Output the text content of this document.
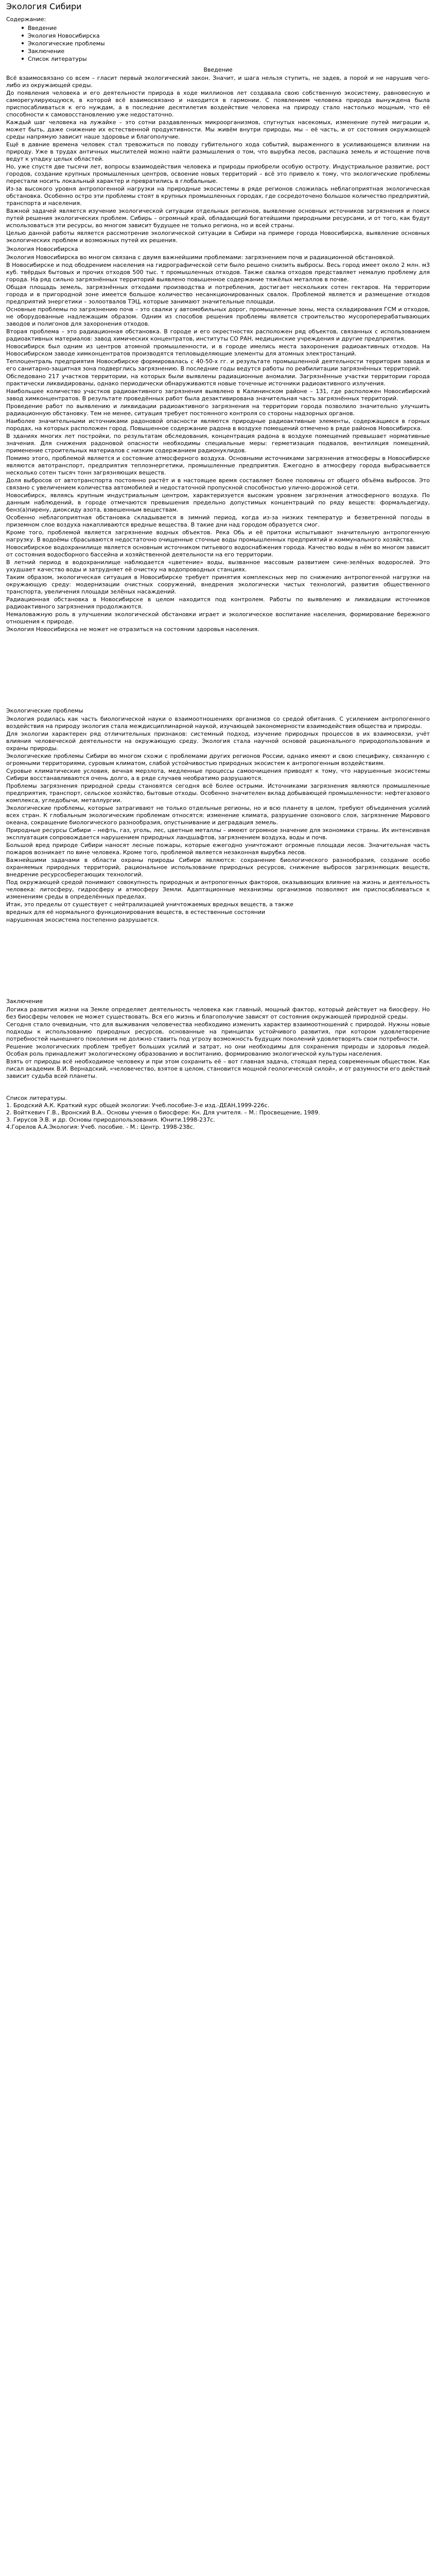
Экология Сибири
Содержание:
Введение
Экология Новосибирска
Экологические проблемы
Заключение
Список литературы
Введение

Всё взаимосвязано со всем – гласит первый экологический закон. Значит, и шага нельзя ступить, не задев, а порой и не нарушив чего-либо из окружающей среды.

До появления человека и его деятельности природа в ходе миллионов лет создавала свою собственную экосистему, равновесную и саморегулирующуюся, в которой всё взаимосвязано и находится в гармонии. С появлением человека природа вынуждена была приспосабливаться к его нуждам, а в последние десятилетия воздействие человека на природу стало настолько мощным, что её способности к самовосстановлению уже недостаточно.

Каждый шаг человека на лужайке – это сотни раздавленных микроорганизмов, спугнутых насекомых, изменение путей миграции и, может быть, даже снижение их естественной продуктивности. Мы живём внутри природы, мы – её часть, и от состояния окружающей среды напрямую зависит наше здоровье и благополучие.

Ещё в давние времена человек стал тревожиться по поводу губительного хода событий, выраженного в усиливающемся влиянии на природу. Уже в трудах античных мыслителей можно найти размышления о том, что вырубка лесов, распашка земель и истощение почв ведут к упадку целых областей.

Но, уже спустя две тысячи лет, вопросы взаимодействия человека и природы приобрели особую остроту. Индустриальное развитие, рост городов, создание крупных промышленных центров, освоение новых территорий – всё это привело к тому, что экологические проблемы перестали носить локальный характер и превратились в глобальные.

Из-за высокого уровня антропогенной нагрузки на природные экосистемы в ряде регионов сложилась неблагоприятная экологическая обстановка. Особенно остро эти проблемы стоят в крупных промышленных городах, где сосредоточено большое количество предприятий, транспорта и населения.

Важной задачей является изучение экологической ситуации отдельных регионов, выявление основных источников загрязнения и поиск путей решения экологических проблем. Сибирь – огромный край, обладающий богатейшими природными ресурсами, и от того, как будут использоваться эти ресурсы, во многом зависит будущее не только региона, но и всей страны.

Целью данной работы является рассмотрение экологической ситуации в Сибири на примере города Новосибирска, выявление основных экологических проблем и возможных путей их решения.

Экология Новосибирска

Экология Новосибирска во многом связана с двумя важнейшими проблемами: загрязнением почв и радиационной обстановкой.

В Новосибирске и под ободрением населения на гидрографической сети было решено снизить выбросы. Весь город имеет около 2 млн. м3 куб. твёрдых бытовых и прочих отходов 500 тыс. т промышленных отходов. Также свалка отходов представляет немалую проблему для города. На ряд сильно загрязнённых территорий выявлено повышенное содержание тяжёлых металлов в почве.

Общая площадь земель, загрязнённых отходами производства и потребления, достигает нескольких сотен гектаров. На территории города и в пригородной зоне имеется большое количество несанкционированных свалок. Проблемой является и размещение отходов предприятий энергетики – золоотвалов ТЭЦ, которые занимают значительные площади.

Основные проблемы по загрязнению почв – это свалки у автомобильных дорог, промышленные зоны, места складирования ГСМ и отходов, не оборудованные надлежащим образом. Одним из способов решения проблемы является строительство мусороперерабатывающих заводов и полигонов для захоронения отходов.

Вторая проблема – это радиационная обстановка. В городе и его окрестностях расположен ряд объектов, связанных с использованием радиоактивных материалов: завод химических концентратов, институты СО РАН, медицинские учреждения и другие предприятия.

Новосибирск был одним из центров атомной промышленности, и в городе имелись места захоронения радиоактивных отходов. На Новосибирском заводе химконцентратов производятся тепловыделяющие элементы для атомных электростанций.

Теплоцентраль предприятия Новосибирске формировалась с 40-50-х гг. и результате промышленной деятельности территория завода и его санитарно-защитная зона подверглись загрязнению. В последние годы ведутся работы по реабилитации загрязнённых территорий.

Обследовано 217 участков территории, на которых были выявлены радиационные аномалии. Загрязнённые участки территории города практически ликвидированы, однако периодически обнаруживаются новые точечные источники радиоактивного излучения.

Наибольшее количество участков радиоактивного загрязнения выявлено в Калининском районе – 131, где расположен Новосибирский завод химконцентратов. В результате проведённых работ была дезактивирована значительная часть загрязнённых территорий.

Проведение работ по выявлению и ликвидации радиоактивного загрязнения на территории города позволило значительно улучшить радиационную обстановку. Тем не менее, ситуация требует постоянного контроля со стороны надзорных органов.

Наиболее значительными источниками радоновой опасности являются природные радиоактивные элементы, содержащиеся в горных породах, на которых расположен город. Повышенное содержание радона в воздухе помещений отмечено в ряде районов Новосибирска.

В зданиях многих лет постройки, по результатам обследования, концентрация радона в воздухе помещений превышает нормативные значения. Для снижения радоновой опасности необходимы специальные меры: герметизация подвалов, вентиляция помещений, применение строительных материалов с низким содержанием радионуклидов.

Помимо этого, проблемой является и состояние атмосферного воздуха. Основными источниками загрязнения атмосферы в Новосибирске являются автотранспорт, предприятия теплоэнергетики, промышленные предприятия. Ежегодно в атмосферу города выбрасывается несколько сотен тысяч тонн загрязняющих веществ.

Доля выбросов от автотранспорта постоянно растёт и в настоящее время составляет более половины от общего объёма выбросов. Это связано с увеличением количества автомобилей и недостаточной пропускной способностью улично-дорожной сети.

Новосибирск, являясь крупным индустриальным центром, характеризуется высоким уровнем загрязнения атмосферного воздуха. По данным наблюдений, в городе отмечаются превышения предельно допустимых концентраций по ряду веществ: формальдегиду, бенз(а)пирену, диоксиду азота, взвешенным веществам.

Особенно неблагоприятная обстановка складывается в зимний период, когда из-за низких температур и безветренной погоды в приземном слое воздуха накапливаются вредные вещества. В такие дни над городом образуется смог.

Кроме того, проблемой является загрязнение водных объектов. Река Обь и её притоки испытывают значительную антропогенную нагрузку. В водоёмы сбрасываются недостаточно очищенные сточные воды промышленных предприятий и коммунального хозяйства.

Новосибирское водохранилище является основным источником питьевого водоснабжения города. Качество воды в нём во многом зависит от состояния водосборного бассейна и хозяйственной деятельности на его территории.

В летний период в водохранилище наблюдается «цветение» воды, вызванное массовым развитием сине-зелёных водорослей. Это ухудшает качество воды и затрудняет её очистку на водопроводных станциях.

Таким образом, экологическая ситуация в Новосибирске требует принятия комплексных мер по снижению антропогенной нагрузки на окружающую среду: модернизации очистных сооружений, внедрения экологически чистых технологий, развития общественного транспорта, увеличения площади зелёных насаждений.

Радиационная обстановка в Новосибирске в целом находится под контролем. Работы по выявлению и ликвидации источников радиоактивного загрязнения продолжаются.

Немаловажную роль в улучшении экологической обстановки играет и экологическое воспитание населения, формирование бережного отношения к природе.

Экология Новосибирска не может не отразиться на состоянии здоровья населения.

Экологические проблемы

Экология родилась как часть биологической науки о взаимоотношениях организмов со средой обитания. С усилением антропогенного воздействия на природу экология стала междисциплинарной наукой, изучающей закономерности взаимодействия общества и природы.

Для экологии характерен ряд отличительных признаков: системный подход, изучение природных процессов в их взаимосвязи, учёт влияния человеческой деятельности на окружающую среду. Экология стала научной основой рационального природопользования и охраны природы.

Экологические проблемы Сибири во многом схожи с проблемами других регионов России, однако имеют и свою специфику, связанную с огромными территориями, суровым климатом, слабой устойчивостью природных экосистем к антропогенным воздействиям.

Суровые климатические условия, вечная мерзлота, медленные процессы самоочищения приводят к тому, что нарушенные экосистемы Сибири восстанавливаются очень долго, а в ряде случаев необратимо разрушаются.

Проблемы загрязнения природной среды становятся сегодня всё более острыми. Источниками загрязнения являются промышленные предприятия, транспорт, сельское хозяйство, бытовые отходы. Особенно значителен вклад добывающей промышленности: нефтегазового комплекса, угледобычи, металлургии.

Экологические проблемы, которые затрагивают не только отдельные регионы, но и всю планету в целом, требуют объединения усилий всех стран. К глобальным экологическим проблемам относятся: изменение климата, разрушение озонового слоя, загрязнение Мирового океана, сокращение биологического разнообразия, опустынивание и деградация земель.

Природные ресурсы Сибири – нефть, газ, уголь, лес, цветные металлы – имеют огромное значение для экономики страны. Их интенсивная эксплуатация сопровождается нарушением природных ландшафтов, загрязнением воздуха, воды и почв.

Большой вред природе Сибири наносят лесные пожары, которые ежегодно уничтожают огромные площади лесов. Значительная часть пожаров возникает по вине человека. Кроме того, проблемой является незаконная вырубка лесов.

Важнейшими задачами в области охраны природы Сибири являются: сохранение биологического разнообразия, создание особо охраняемых природных территорий, рациональное использование природных ресурсов, снижение выбросов загрязняющих веществ, внедрение ресурсосберегающих технологий.

Под окружающей средой понимают совокупность природных и антропогенных факторов, оказывающих влияние на жизнь и деятельность человека: литосферу, гидросферу и атмосферу Земли. Адаптационные механизмы организмов позволяют им приспосабливаться к изменениям среды в определённых пределах.

Итак, это пределы от существует с нейтрализацией уничтожаемых вредных веществ, а также

вредных для её нормального функционирования веществ, в естественные состоянии

нарушенная экосистема постепенно разрушается.

Заключение

Логика развития жизни на Земле определяет деятельность человека как главный, мощный фактор, который действует на биосферу. Но без биосферы человек не может существовать. Вся его жизнь и благополучие зависят от состояния окружающей природной среды.

Сегодня стало очевидным, что для выживания человечества необходимо изменить характер взаимоотношений с природой. Нужны новые подходы к использованию природных ресурсов, основанные на принципах устойчивого развития, при котором удовлетворение потребностей нынешнего поколения не должно ставить под угрозу возможность будущих поколений удовлетворять свои потребности.

Решение экологических проблем требует больших усилий и затрат, но они необходимы для сохранения природы и здоровья людей. Особая роль принадлежит экологическому образованию и воспитанию, формированию экологической культуры населения.

Взять от природы всё необходимое человеку и при этом сохранить её – вот главная задача, стоящая перед современным обществом. Как писал академик В.И. Вернадский, «человечество, взятое в целом, становится мощной геологической силой», и от разумности его действий зависит судьба всей планеты.

Список литературы.
1. Бродский А.К. Краткий курс общей экологии: Учеб.пособие-3-е изд.-ДЕАН,1999-226с.
2. Войткевич Г.В., Вронский В.А.. Основы учения о биосфере: Кн. Для учителя. – М.: Просвещение, 1989.
3. Гирусов Э.В. и др. Основы природопользования. Юнити.1998-237с.
4.Горелов А.А.Экология: Учеб. пособие. - М.: Центр. 1998-238с.
